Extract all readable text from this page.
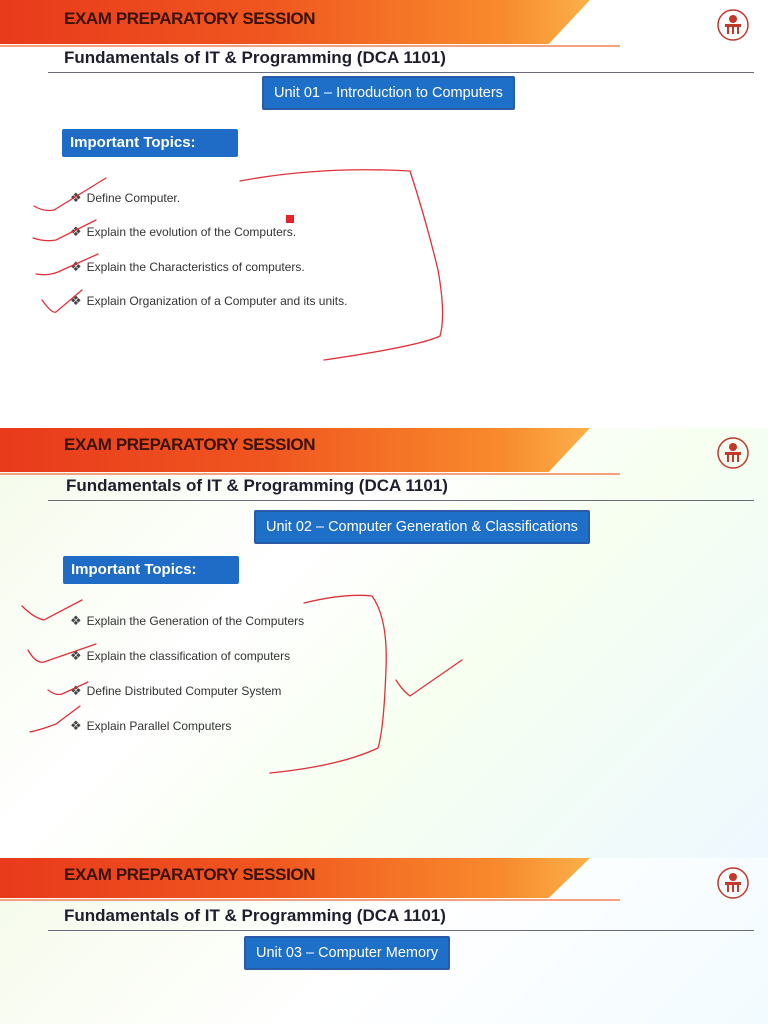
EXAM PREPARATORY SESSION
Fundamentals of IT & Programming (DCA 1101)
Unit 01 – Introduction to Computers
Important Topics:
❖ Define Computer.
❖ Explain the evolution of the Computers.
❖ Explain the Characteristics of computers.
❖ Explain Organization of a Computer and its units.
EXAM PREPARATORY SESSION
Fundamentals of IT & Programming (DCA 1101)
Unit 02 – Computer Generation & Classifications
Important Topics:
❖ Explain the Generation of the Computers
❖ Explain the classification of computers
❖ Define Distributed Computer System
❖ Explain Parallel Computers
EXAM PREPARATORY SESSION
Fundamentals of IT & Programming (DCA 1101)
Unit 03 – Computer Memory
